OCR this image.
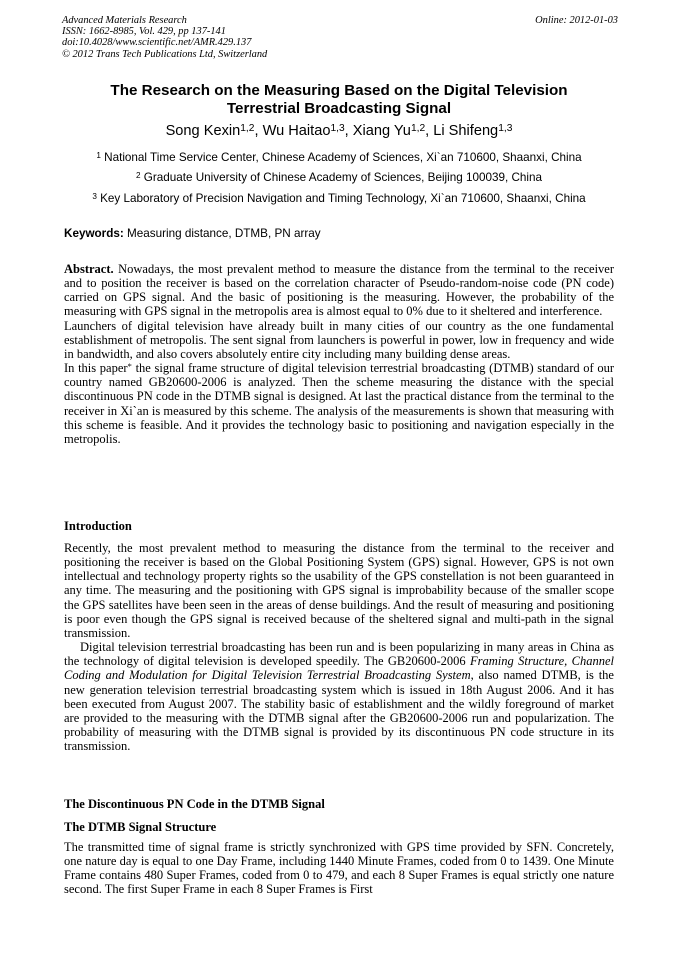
Advanced Materials Research
ISSN: 1662-8985, Vol. 429, pp 137-141
doi:10.4028/www.scientific.net/AMR.429.137
© 2012 Trans Tech Publications Ltd, Switzerland
Online: 2012-01-03
The Research on the Measuring Based on the Digital Television
Terrestrial Broadcasting Signal
Song Kexin$^{1,2}$, Wu Haitao$^{1,3}$, Xiang Yu$^{1,2}$, Li Shifeng$^{1,3}$
$^1$ National Time Service Center, Chinese Academy of Sciences, Xi`an 710600, Shaanxi, China
$^2$ Graduate University of Chinese Academy of Sciences, Beijing 100039, China
$^3$ Key Laboratory of Precision Navigation and Timing Technology, Xi`an 710600, Shaanxi, China
Keywords: Measuring distance, DTMB, PN array

Abstract. Nowadays, the most prevalent method to measure the distance from the terminal to the receiver and to position the receiver is based on the correlation character of Pseudo-random-noise code (PN code) carried on GPS signal. And the basic of positioning is the measuring. However, the probability of the measuring with GPS signal in the metropolis area is almost equal to 0% due to it sheltered and interference.

Launchers of digital television have already built in many cities of our country as the one fundamental establishment of metropolis. The sent signal from launchers is powerful in power, low in frequency and wide in bandwidth, and also covers absolutely entire city including many building dense areas.

In this paper* the signal frame structure of digital television terrestrial broadcasting (DTMB) standard of our country named GB20600-2006 is analyzed. Then the scheme measuring the distance with the special discontinuous PN code in the DTMB signal is designed. At last the practical distance from the terminal to the receiver in Xi`an is measured by this scheme. The analysis of the measurements is shown that measuring with this scheme is feasible. And it provides the technology basic to positioning and navigation especially in the metropolis.

Introduction

Recently, the most prevalent method to measuring the distance from the terminal to the receiver and positioning the receiver is based on the Global Positioning System (GPS) signal. However, GPS is not own intellectual and technology property rights so the usability of the GPS constellation is not been guaranteed in any time. The measuring and the positioning with GPS signal is improbability because of the smaller scope the GPS satellites have been seen in the areas of dense buildings. And the result of measuring and positioning is poor even though the GPS signal is received because of the sheltered signal and multi-path in the signal transmission.

Digital television terrestrial broadcasting has been run and is been popularizing in many areas in China as the technology of digital television is developed speedily. The GB20600-2006 Framing Structure, Channel Coding and Modulation for Digital Television Terrestrial Broadcasting System, also named DTMB, is the new generation television terrestrial broadcasting system which is issued in 18th August 2006. And it has been executed from August 2007. The stability basic of establishment and the wildly foreground of market are provided to the measuring with the DTMB signal after the GB20600-2006 run and popularization. The probability of measuring with the DTMB signal is provided by its discontinuous PN code structure in its transmission.

The Discontinuous PN Code in the DTMB Signal
The DTMB Signal Structure

The transmitted time of signal frame is strictly synchronized with GPS time provided by SFN. Concretely, one nature day is equal to one Day Frame, including 1440 Minute Frames, coded from 0 to 1439. One Minute Frame contains 480 Super Frames, coded from 0 to 479, and each 8 Super Frames is equal strictly one nature second. The first Super Frame in each 8 Super Frames is First
